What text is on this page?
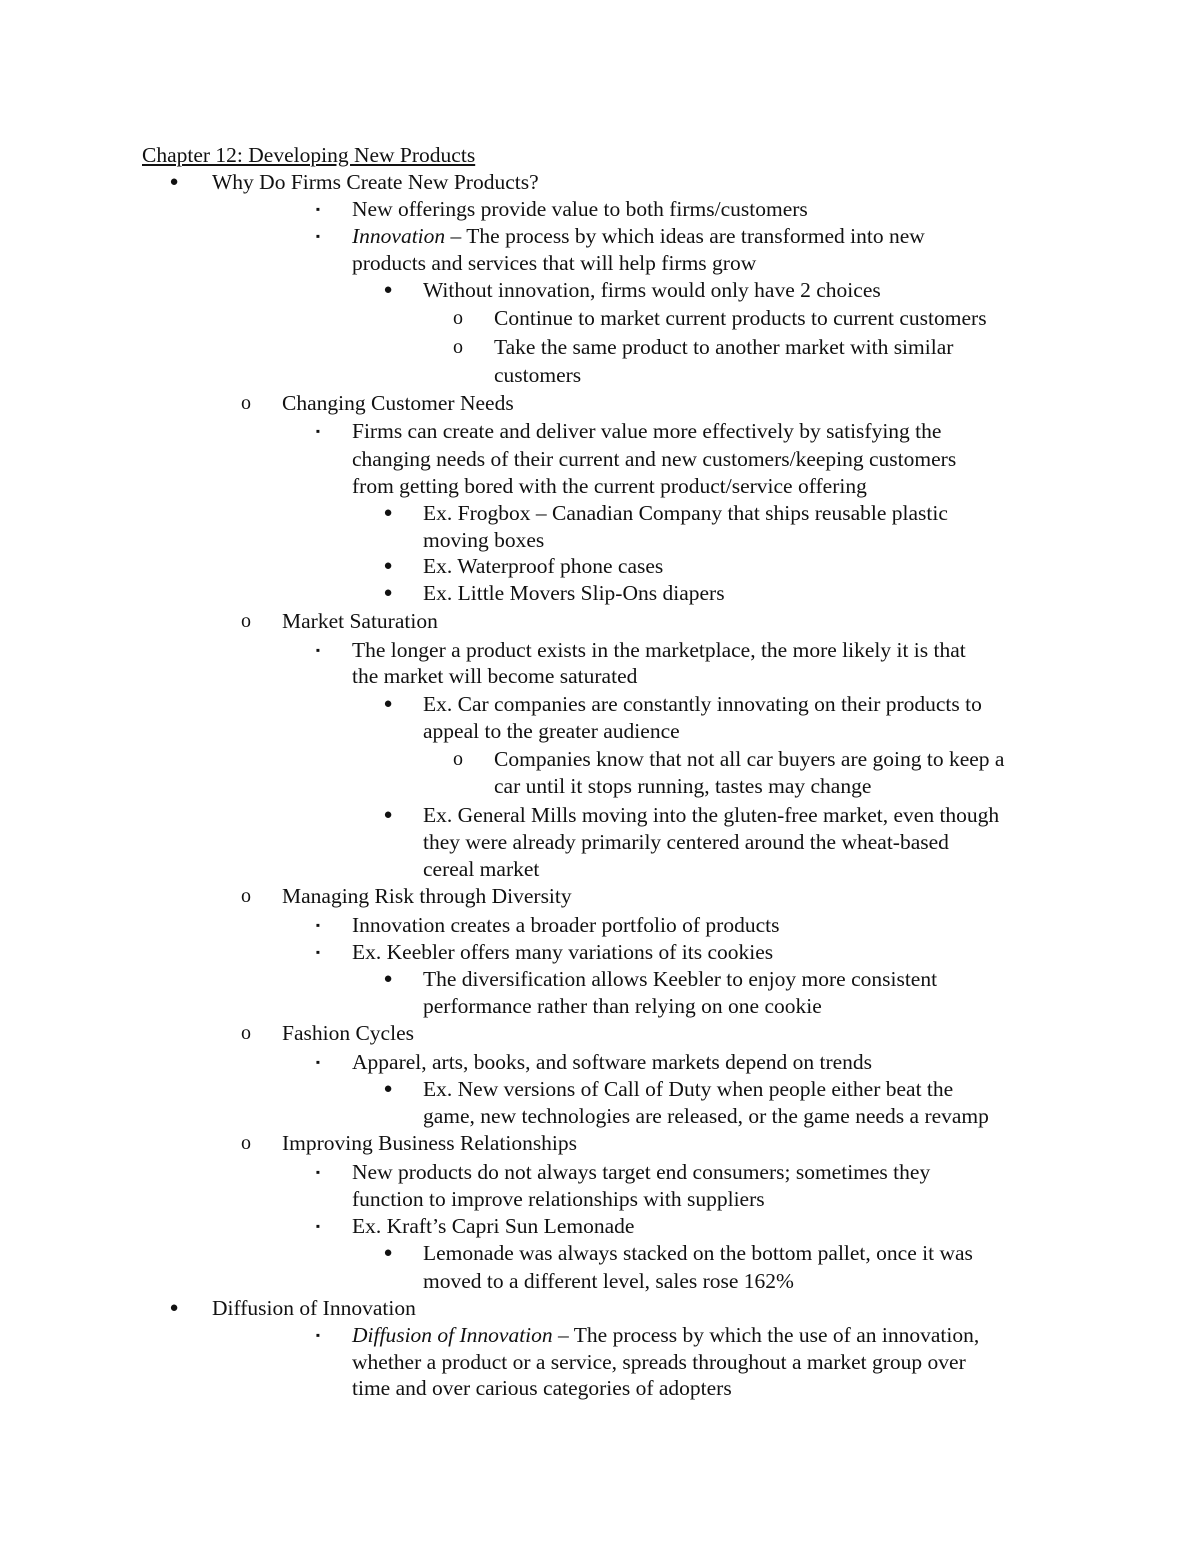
Chapter 12: Developing New Products
● Why Do Firms Create New Products?
▪	New offerings provide value to both firms/customers
▪	Innovation – The process by which ideas are transformed into new
products and services that will help firms grow
● Without innovation, firms would only have 2 choices
o Continue to market current products to current customers
o Take the same product to another market with similar
customers
o Changing Customer Needs
▪	Firms can create and deliver value more effectively by satisfying the
changing needs of their current and new customers/keeping customers
from getting bored with the current product/service offering
● Ex. Frogbox – Canadian Company that ships reusable plastic
moving boxes
● Ex. Waterproof phone cases
● Ex. Little Movers Slip-Ons diapers
o Market Saturation
▪	The longer a product exists in the marketplace, the more likely it is that
the market will become saturated
● Ex. Car companies are constantly innovating on their products to
appeal to the greater audience
o Companies know that not all car buyers are going to keep a
car until it stops running, tastes may change
● Ex. General Mills moving into the gluten-free market, even though
they were already primarily centered around the wheat-based
cereal market
o Managing Risk through Diversity
▪	Innovation creates a broader portfolio of products
▪	Ex. Keebler offers many variations of its cookies
● The diversification allows Keebler to enjoy more consistent
performance rather than relying on one cookie
o Fashion Cycles
▪	Apparel, arts, books, and software markets depend on trends
● Ex. New versions of Call of Duty when people either beat the
game, new technologies are released, or the game needs a revamp
o Improving Business Relationships
▪	New products do not always target end consumers; sometimes they
function to improve relationships with suppliers
▪	Ex. Kraft’s Capri Sun Lemonade
● Lemonade was always stacked on the bottom pallet, once it was
moved to a different level, sales rose 162%
● Diffusion of Innovation
▪	Diffusion of Innovation – The process by which the use of an innovation,
whether a product or a service, spreads throughout a market group over
time and over carious categories of adopters
